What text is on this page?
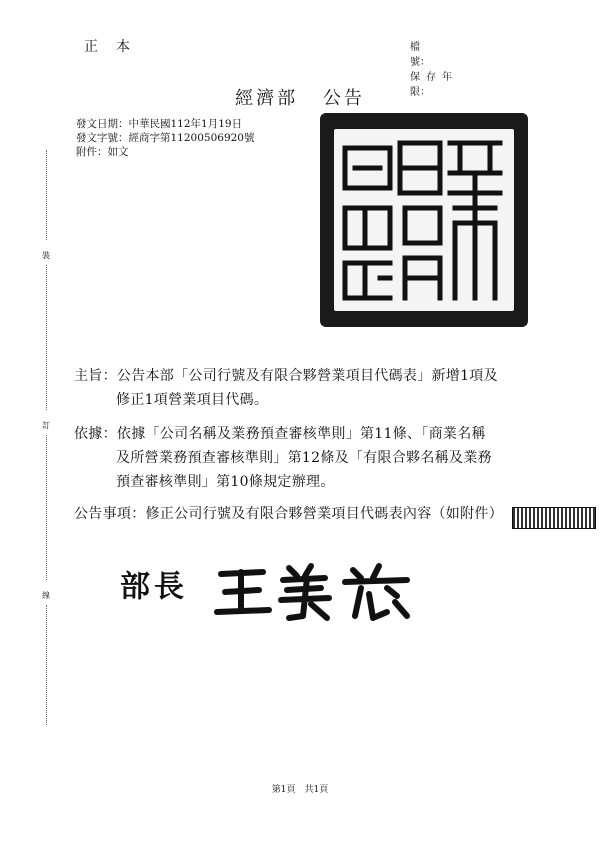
正　本	檔　　號：
保存年限：
經濟部 公告
發文日期：中華民國112年1月19日
發文字號：經商字第11200506920號
附件：如文
主旨：公告本部「公司行號及有限合夥營業項目代碼表」新增1項及
修正1項營業項目代碼。
依據：依據「公司名稱及業務預查審核準則」第11條、「商業名稱
及所營業務預查審核準則」第12條及「有限合夥名稱及業務
預查審核準則」第10條規定辦理。
公告事項：修正公司行號及有限合夥營業項目代碼表內容（如附件）
部長
第1頁　共1頁
裝
訂
線
